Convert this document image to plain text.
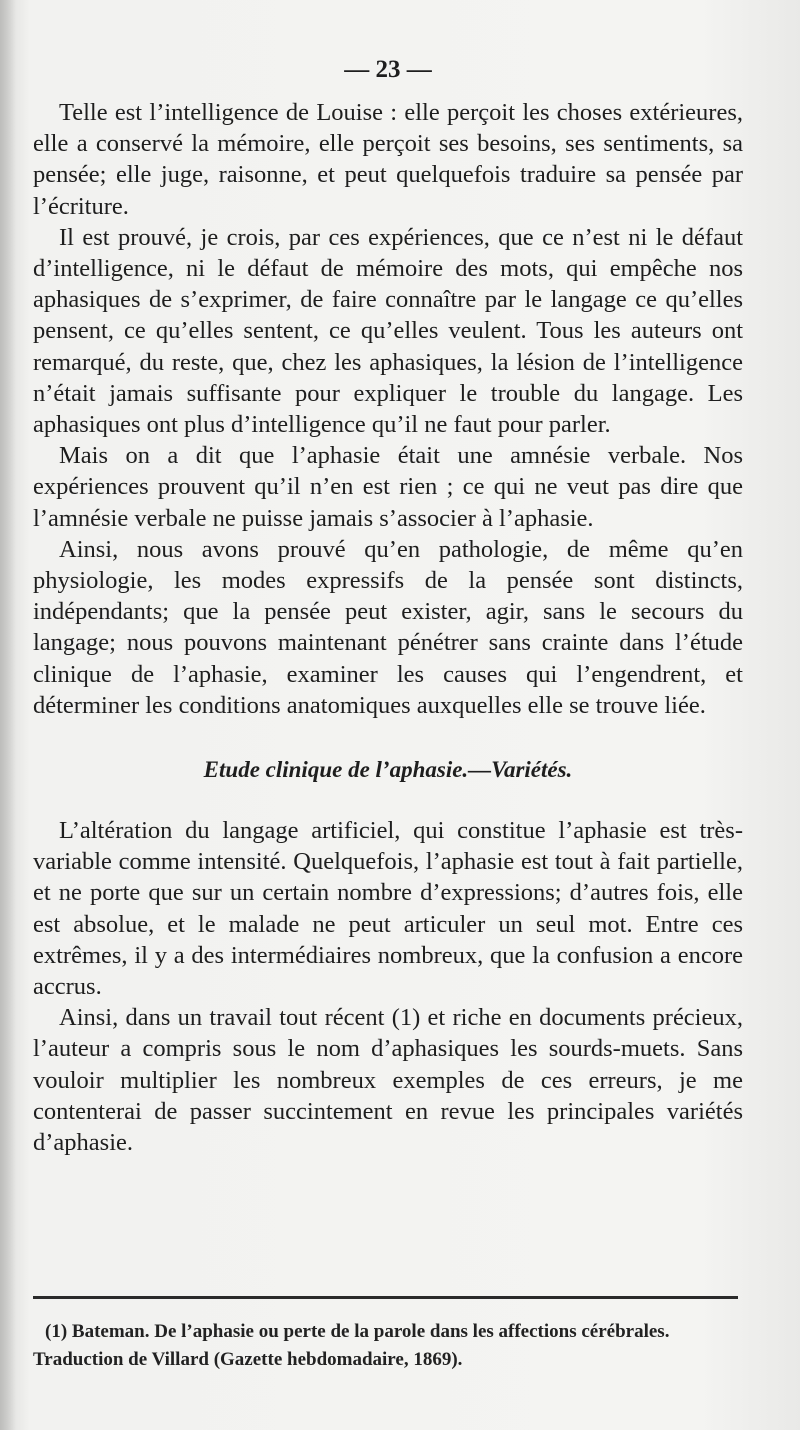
— 23 —

Telle est l’intelligence de Louise : elle perçoit les choses extérieures, elle a conservé la mémoire, elle perçoit ses besoins, ses sentiments, sa pensée; elle juge, raisonne, et peut quelquefois traduire sa pensée par l’écriture.

Il est prouvé, je crois, par ces expériences, que ce n’est ni le défaut d’intelligence, ni le défaut de mémoire des mots, qui empêche nos aphasiques de s’exprimer, de faire connaître par le langage ce qu’elles pensent, ce qu’elles sentent, ce qu’elles veulent. Tous les auteurs ont remarqué, du reste, que, chez les aphasiques, la lésion de l’intelligence n’était jamais suffisante pour expliquer le trouble du langage. Les aphasiques ont plus d’intelligence qu’il ne faut pour parler.

Mais on a dit que l’aphasie était une amnésie verbale. Nos expériences prouvent qu’il n’en est rien ; ce qui ne veut pas dire que l’amnésie verbale ne puisse jamais s’associer à l’aphasie.

Ainsi, nous avons prouvé qu’en pathologie, de même qu’en physiologie, les modes expressifs de la pensée sont distincts, indépendants; que la pensée peut exister, agir, sans le secours du langage; nous pouvons maintenant pénétrer sans crainte dans l’étude clinique de l’aphasie, examiner les causes qui l’engendrent, et déterminer les conditions anatomiques auxquelles elle se trouve liée.

Etude clinique de l’aphasie.—Variétés.

L’altération du langage artificiel, qui constitue l’aphasie est très-variable comme intensité. Quelquefois, l’aphasie est tout à fait partielle, et ne porte que sur un certain nombre d’expressions; d’autres fois, elle est absolue, et le malade ne peut articuler un seul mot. Entre ces extrêmes, il y a des intermédiaires nombreux, que la confusion a encore accrus.

Ainsi, dans un travail tout récent (1) et riche en documents précieux, l’auteur a compris sous le nom d’aphasiques les sourds-muets. Sans vouloir multiplier les nombreux exemples de ces erreurs, je me contenterai de passer succintement en revue les principales variétés d’aphasie.

(1) Bateman. De l’aphasie ou perte de la parole dans les affections cérébrales. Traduction de Villard (Gazette hebdomadaire, 1869).
